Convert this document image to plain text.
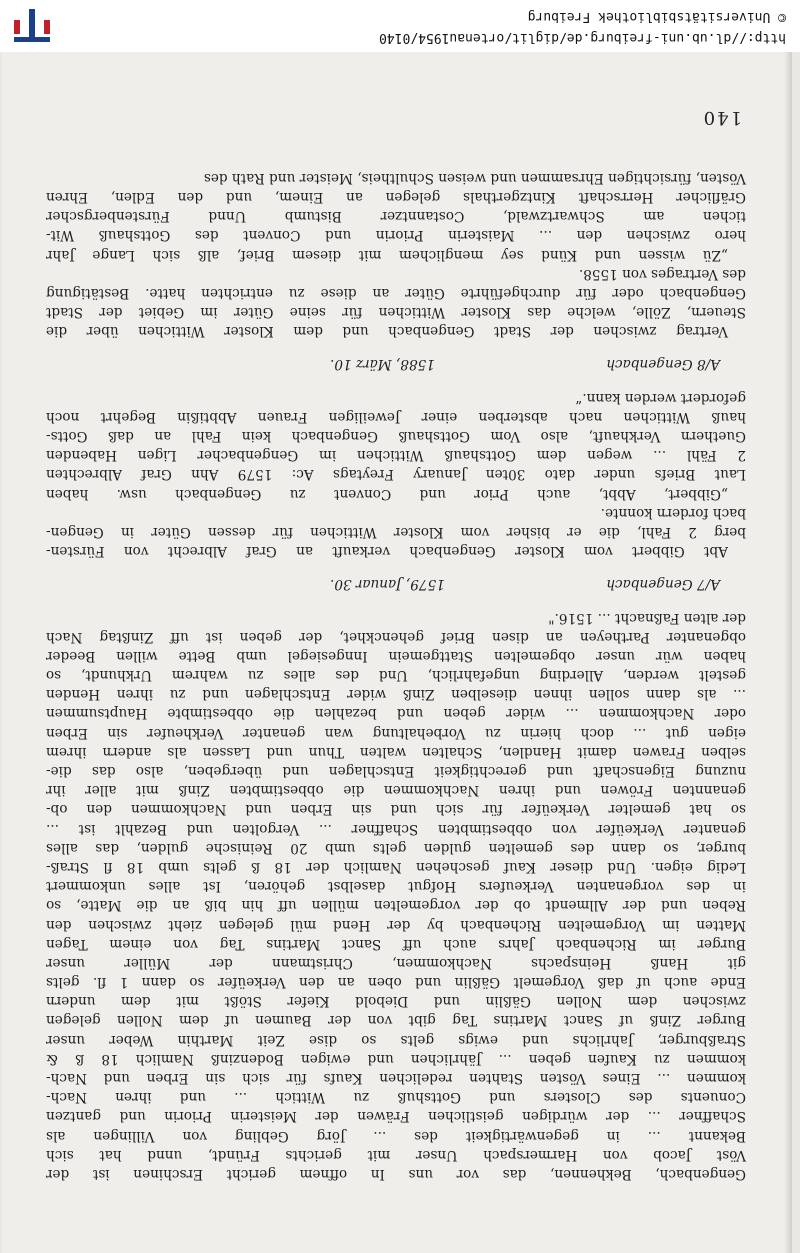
Gengenbach, Bekhennen, das vor uns In offnem gericht Erschinen ist der
Vöst Jacob von Harmerspach Unser mit gerichts Fründt, unnd hat sich
Bekannt ... in gegenwärtigkeit des ... Jörg Gebling von Villingen als
Schaffner ... der würdigen geistlichen Fräwen der Meisterin Priorin und gantzen
Conuents des Closters und Gottshuß zu Wittich ... und ihren Nach-
kommen ... Eines Vösten Stahten redelichen Kaufs für sich sin Erben und Nach-
kommen zu Kaufen geben ... Jährlichen und ewigen Bodenzinß Namlich 18 ß &
Straßburger, Jahrlichs und ewigs gelts so dise Zeit Marthin Weber unser
Burger Zinß uf Sanct Martins Tag gibt von der Baumen uf dem Nollen gelegen
zwischen dem Nollen Gäßlin und Diebold Kiefer Stößt mit dem undern
Ende auch uf daß Vorgemelt Gäßlin und oben an den Verkeüfer so dann 1 fl. gelts
git Hanß Heinspachs Nachkommen, Christmann der Müller unser
Burger im Richenbach Jahrs auch uff Sanct Martins Tag von einem Tagen
Matten im Vorgemelten Richenbach by der Hend mül gelegen zieht zwischen den
Reben und der Allmendt ob der vorgemelten müllen uff hin biß an die Matte, so
in des vorgenanten Verkeufers Hofgut daselbst gehören, Ist alles unkommert
Ledig eigen. Und dieser Kauf geschehen Namlich der 18 ß gelts umb 18 fl Straß-
burger, so dann des gemelten gulden gelts umb 20 Reinische gulden, das alles
genanter Verkeüfer von obbestimbten Schaffner ... Vergolten und Bezahlt ist ...
so hat gemelter Verkeüfer für sich und sin Erben und Nachkommen den ob-
genannten Fröwen und ihren Nachkommen die obbestimbten Zinß mit aller ihr
nuzung Eigenschaft und gerechtigkeit Entschlagen und übergeben, also das die-
selben Frawen damit Handlen, Schalten walten Thun und Lassen als andern ihrem
eigen gut ... doch hierin zu Vorbehaltung wan genanter Verkheufer sin Erben
oder Nachkommen ... wider geben und bezahlen die obbestimbte Hauptsummen
... als dann sollen ihnen dieselben Zinß wider Entschlagen und zu ihren Henden
gestelt werden, Allerding ungefahrlich, Und des alles zu wahrem Urkhundt, so
haben wür unser obgemelten Stattgemein Inngesiegel umb Bette willen Beeder
obgenanter Partheyen an disen Brief gehenckhet, der geben ist uff Zinßtag Nach
der alten Faßnacht ... 1516."
A/7 Gengenbach
1579, Januar 30.
Abt Gibbert vom Kloster Gengenbach verkauft an Graf Albrecht von Fürsten-
berg 2 Fahl, die er bisher vom Kloster Wittichen für dessen Güter in Gengen-
bach fordern konnte.
„Gibbert, Abbt, auch Prior und Convent zu Gengenbach usw. haben
Laut Briefs under dato 30ten January Freytags Ac: 1579 Ahn Graf Albrechten
2 Fähl ... wegen dem Gottshauß Wittichen im Gengenbacher Ligen Habenden
Guethern Verkhauft, also Vom Gottshauß Gengenbach kein Fahl an daß Gotts-
hauß Wittichen nach absterben einer Jeweiligen Frauen Abbtißin Begehrt noch
gefordert werden kann.“
A/8 Gengenbach
1588, März 10.
Vertrag zwischen der Stadt Gengenbach und dem Kloster Wittichen über die
Steuern, Zölle, welche das Kloster Wittichen für seine Güter im Gebiet der Stadt
Gengenbach oder für durchgeführte Güter an diese zu entrichten hatte. Bestätigung
des Vertrages von 1558.
„Zü wissen und Künd sey menglichem mit diesem Brief, alß sich Lange Jahr
hero zwischen den ... Maisterin Priorin und Convent des Gottshauß Wit-
tichen am Schwartzwald, Costanntzer Bistumb Unnd Fürstenbergscher
Gräflicher Herrschaft Kintzgerthals gelegen an Einem, und den Edlen, Ehren
Vösten, fürsichtigen Ehrsammen und weisen Schultheis, Meister und Rath des
140
http://dl.ub.uni-freiburg.de/diglit/ortenau1954/0140
© Universitätsbibliothek Freiburg
